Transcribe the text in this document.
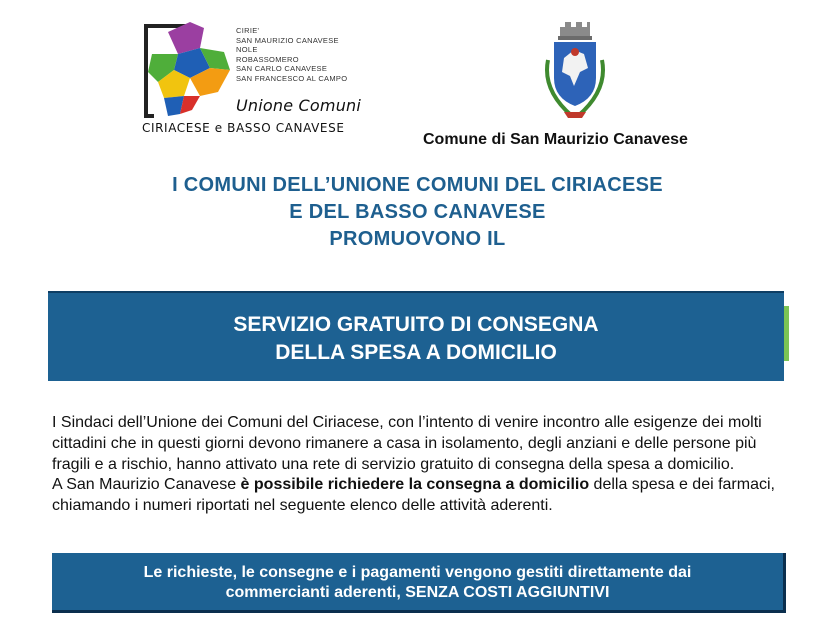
CIRIE'
SAN MAURIZIO CANAVESE
NOLE
ROBASSOMERO
SAN CARLO CANAVESE
SAN FRANCESCO AL CAMPO
Unione Comuni
CIRIACESE e BASSO CANAVESE
Comune di San Maurizio Canavese
I COMUNI DELL’UNIONE COMUNI DEL CIRIACESE
E DEL BASSO CANAVESE
PROMUOVONO IL
SERVIZIO GRATUITO DI CONSEGNA
DELLA SPESA A DOMICILIO

I Sindaci dell’Unione dei Comuni del Ciriacese, con l’intento di venire incontro alle esigenze dei molti cittadini che in questi giorni devono rimanere a casa in isolamento, degli anziani e delle persone più fragili e a rischio, hanno attivato una rete di servizio gratuito di consegna della spesa a domicilio.

A San Maurizio Canavese è possibile richiedere la consegna a domicilio della spesa e dei farmaci, chiamando i numeri riportati nel seguente elenco delle attività aderenti.

Le richieste, le consegne e i pagamenti vengono gestiti direttamente dai
commercianti aderenti, SENZA COSTI AGGIUNTIVI
